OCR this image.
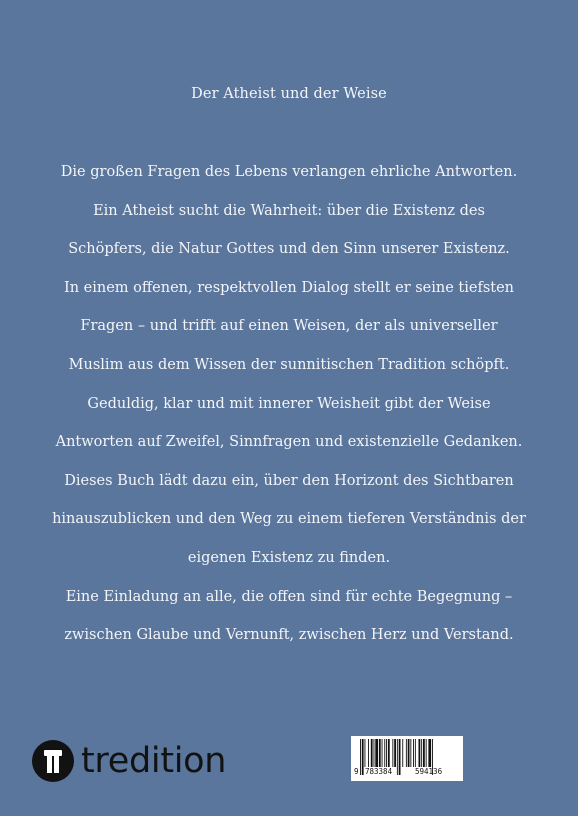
Der Atheist und der Weise
Die großen Fragen des Lebens verlangen ehrliche Antworten.
Ein Atheist sucht die Wahrheit: über die Existenz des
Schöpfers, die Natur Gottes und den Sinn unserer Existenz.
In einem offenen, respektvollen Dialog stellt er seine tiefsten
Fragen – und trifft auf einen Weisen, der als universeller
Muslim aus dem Wissen der sunnitischen Tradition schöpft.
Geduldig, klar und mit innerer Weisheit gibt der Weise
Antworten auf Zweifel, Sinnfragen und existenzielle Gedanken.
Dieses Buch lädt dazu ein, über den Horizont des Sichtbaren
hinauszublicken und den Weg zu einem tieferen Verständnis der
eigenen Existenz zu finden.
Eine Einladung an alle, die offen sind für echte Begegnung –
zwischen Glaube und Vernunft, zwischen Herz und Verstand.
tredition	9 783384	594136
